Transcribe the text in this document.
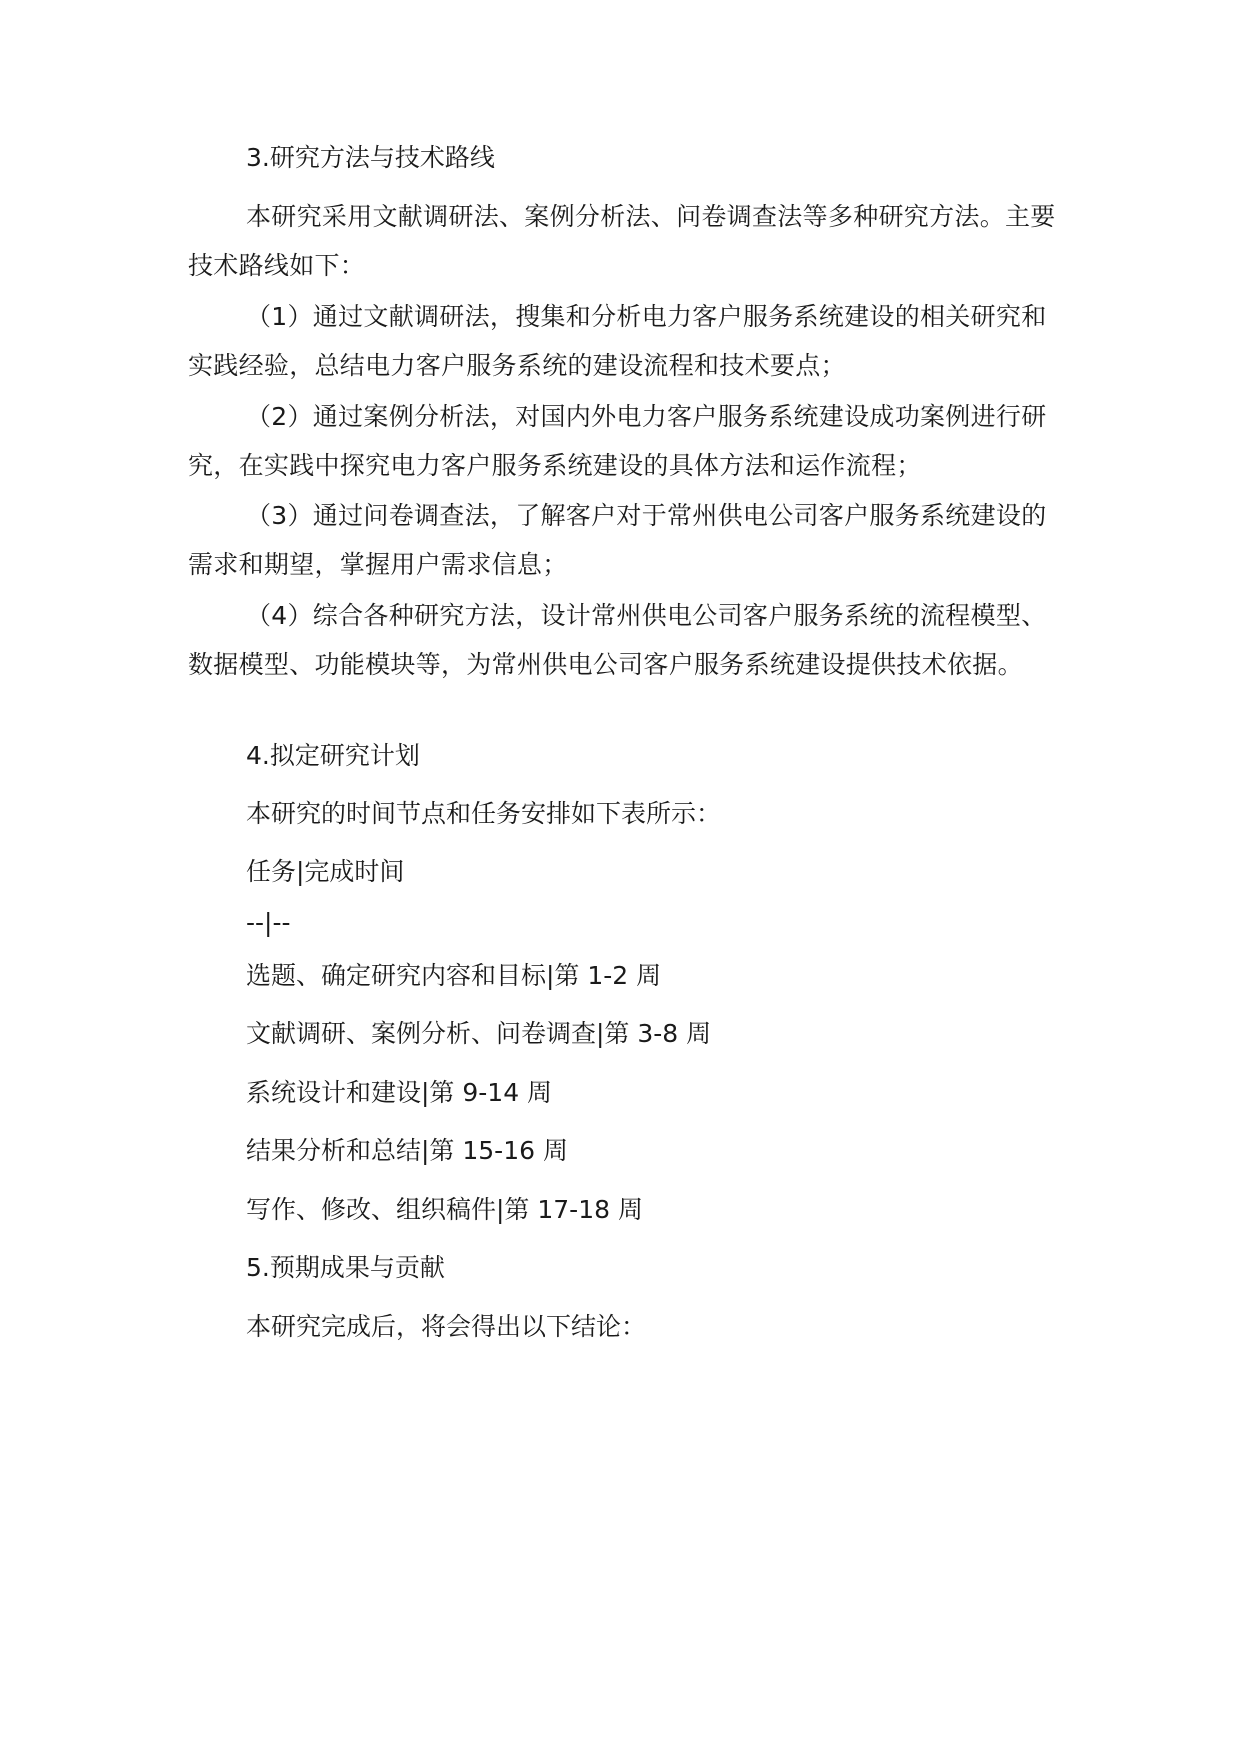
3.研究方法与技术路线

本研究采用文献调研法、案例分析法、问卷调查法等多种研究方法。主要技术路线如下：

（1）通过文献调研法，搜集和分析电力客户服务系统建设的相关研究和实践经验，总结电力客户服务系统的建设流程和技术要点；

（2）通过案例分析法，对国内外电力客户服务系统建设成功案例进行研究，在实践中探究电力客户服务系统建设的具体方法和运作流程；

（3）通过问卷调查法，了解客户对于常州供电公司客户服务系统建设的需求和期望，掌握用户需求信息；

（4）综合各种研究方法，设计常州供电公司客户服务系统的流程模型、数据模型、功能模块等，为常州供电公司客户服务系统建设提供技术依据。

4.拟定研究计划

本研究的时间节点和任务安排如下表所示：

任务|完成时间

--|--

选题、确定研究内容和目标|第 1-2 周

文献调研、案例分析、问卷调查|第 3-8 周

系统设计和建设|第 9-14 周

结果分析和总结|第 15-16 周

写作、修改、组织稿件|第 17-18 周

5.预期成果与贡献

本研究完成后，将会得出以下结论：
